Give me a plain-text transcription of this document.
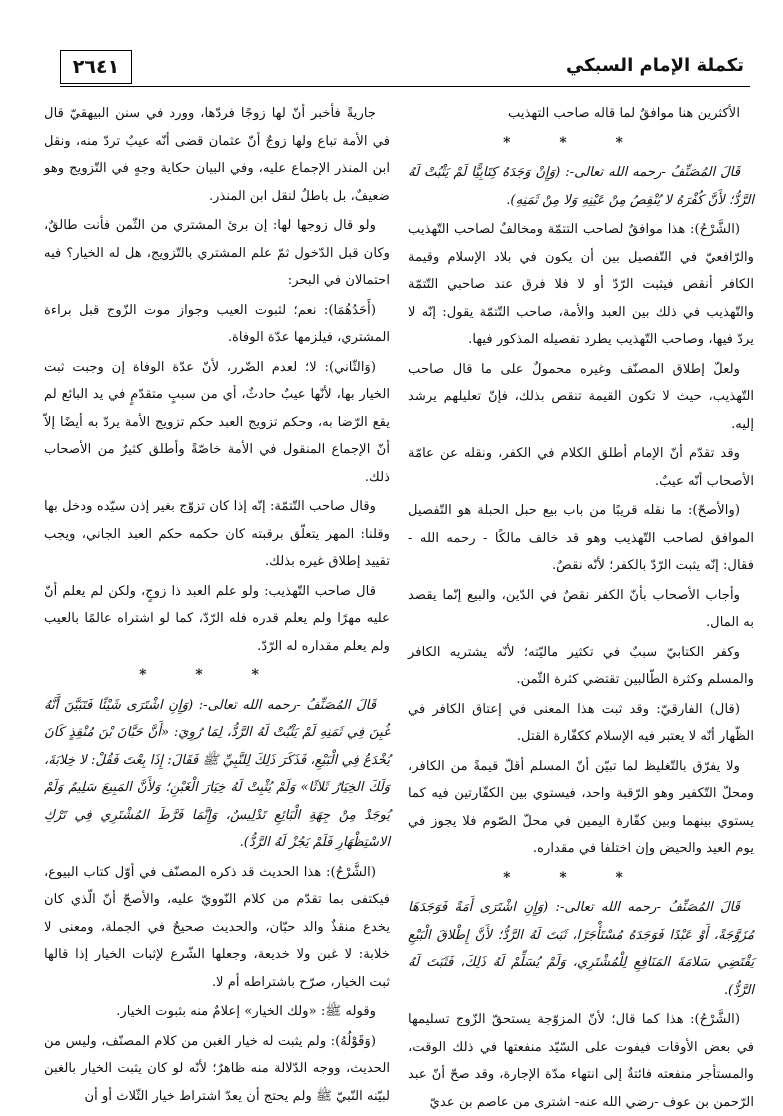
٢٦٤١	تكملة الإمام السبكي

الأكثرين هنا موافقٌ لما قاله صاحب التهذيب

* * *

قَالَ المُصَنِّفُ -رحمه الله تعالى-: (وَإِنْ وَجَدَهُ كِتَابِيًّا لَمْ يَثْبُتْ لَهُ الرَّدُّ؛ لأَنَّ كُفْرَهُ لا يُنْقِصُ مِنْ عَيْنِهِ وَلا مِنْ ثَمَنِهِ).

(الشَّرْحُ): هذا موافقٌ لصاحب التتمّة ومخالفٌ لصاحب التّهذيب والرّافعيّ في التّفصيل بين أن يكون في بلاد الإسلام وقيمة الكافر أنقص فيثبت الرّدّ أو لا فلا فرق عند صاحبي التّتمّة والتّهذيب في ذلك بين العبد والأمة، صاحب التّتمّة يقول: إنّه لا يردّ فيها، وصاحب التّهذيب يطرد تفصيله المذكور فيها.

ولعلّ إطلاق المصنّف وغيره محمولٌ على ما قال صاحب التّهذيب، حيث لا تكون القيمة تنقص بذلك، فإنّ تعليلهم يرشد إليه.

وقد تقدّم أنّ الإمام أطلق الكلام في الكفر، ونقله عن عامّة الأصحاب أنّه عيبٌ.

(والأصحّ): ما نقله قريبًا من باب بيع حبل الحبلة هو التّفصيل الموافق لصاحب التّهذيب وهو قد خالف مالكًا - رحمه الله - فقال: إنّه يثبت الرّدّ بالكفر؛ لأنّه نقصٌ.

وأجاب الأصحاب بأنّ الكفر نقصٌ في الدّين، والبيع إنّما يقصد به المال.

وكفر الكتابيّ سببٌ في تكثير ماليّته؛ لأنّه يشتريه الكافر والمسلم وكثرة الطّالبين تقتضي كثرة الثّمن.

(قال) الفارقيّ: وقد ثبت هذا المعنى في إعتاق الكافر في الظّهار أنّه لا يعتبر فيه الإسلام ككفّارة القتل.

ولا يفرّق بالتّغليظ لما تبيّن أنّ المسلم أقلّ قيمةً من الكافر، ومحلّ التّكفير وهو الرّقبة واحد، فيستوي بين الكفّارتين فيه كما يستوي بينهما وبين كفّارة اليمين في محلّ الصّوم فلا يجوز في يوم العيد والحيض وإن اختلفا في مقداره.

* * *

قَالَ المُصَنِّفُ -رحمه الله تعالى-: (وَإِنِ اشْتَرَى أَمَةً فَوَجَدَهَا مُزَوَّجَةً، أَوْ عَبْدًا فَوَجَدَهُ مُسْتَأْجَرًا، ثَبَتَ لَهُ الرَّدُّ؛ لأَنَّ إِطْلاقَ الْبَيْعِ يَقْتَضِي سَلامَةَ المَنَافِعِ لِلْمُشْتَرِي، وَلَمْ يُسَلِّمْ لَهُ ذَلِكَ، فَثَبَتَ لَهُ الرَّدُّ).

(الشَّرْحُ): هذا كما قال؛ لأنّ المزوّجة يستحقّ الزّوج تسليمها في بعض الأوقات فيفوت على السّيّد منفعتها في ذلك الوقت، والمستأجر منفعته فائتةٌ إلى انتهاء مدّة الإجارة، وقد صحّ أنّ عبد الرّحمن بن عوف -رضي الله عنه- اشترى من عاصم بن عديّ

جاريةً فأخبر أنّ لها زوجًا فردّها، وورد في سنن البيهقيّ قال في الأمة تباع ولها زوجٌ أنّ عثمان قضى أنّه عيبٌ تردّ منه، ونقل ابن المنذر الإجماع عليه، وفي البيان حكاية وجهٍ في التّزويج وهو ضعيفٌ، بل باطلٌ لنقل ابن المنذر.

ولو قال زوجها لها: إن برئ المشتري من الثّمن فأنت طالقٌ، وكان قبل الدّخول ثمّ علم المشتري بالتّزويج، هل له الخيار؟ فيه احتمالان في البحر:

(أَحَدُهُمَا): نعم؛ لثبوت العيب وجواز موت الزّوج قبل براءة المشتري، فيلزمها عدّة الوفاة.

(وَالثّاني): لا؛ لعدم الضّرر، لأنّ عدّة الوفاة إن وجبت ثبت الخيار بها، لأنّها عيبٌ حادثٌ، أي من سببٍ متقدّمٍ في يد البائع لم يقع الرّضا به، وحكم تزويج العبد حكم تزويج الأمة يردّ به أيضًا إلاّ أنّ الإجماع المنقول في الأمة خاصّةً وأطلق كثيرٌ من الأصحاب ذلك.

وقال صاحب التّتمّة: إنّه إذا كان تزوّج بغير إذن سيّده ودخل بها وقلنا: المهر يتعلّق برقبته كان حكمه حكم العبد الجاني، ويجب تقييد إطلاق غيره بذلك.

قال صاحب التّهذيب: ولو علم العبد ذا زوجٍ، ولكن لم يعلم أنّ عليه مهرًا ولم يعلم قدره فله الرّدّ، كما لو اشتراه عالمًا بالعيب ولم يعلم مقداره له الرّدّ.

* * *

قَالَ المُصَنِّفُ -رحمه الله تعالى-: (وَإِنِ اشْتَرَى شَيْئًا فَتَبَيَّنَ أَنَّهُ غُبِنَ فِي ثَمَنِهِ لَمْ يَثْبُتْ لَهُ الرَّدُّ، لِمَا رُوِيَ: «أَنَّ حَبَّانَ بْنَ مُنْقِذٍ كَانَ يُخْدَعُ فِي الْبَيْعِ، فَذَكَرَ ذَلِكَ لِلنَّبِيِّ ﷺ فَقَالَ: إِذَا بِعْتَ فَقُلْ: لا خِلابَةَ، وَلَكَ الخِيَارُ ثَلاثًا» وَلَمْ يُثْبِتْ لَهُ خِيَارَ الْغَبْنِ؛ وَلأَنَّ المَبِيعَ سَلِيمٌ وَلَمْ يُوجَدْ مِنْ جِهَةِ الْبَائِعِ تَدْلِيسٌ، وَإِنَّمَا فَرَّطَ المُشْتَرِي فِي تَرْكِ الاسْتِظْهَارِ فَلَمْ يَجُزْ لَهُ الرَّدُّ).

(الشَّرْحُ): هذا الحديث قد ذكره المصنّف في أوّل كتاب البيوع، فيكتفى بما تقدّم من كلام النّوويّ عليه، والأصحّ أنّ الّذي كان يخدع منقذٌ والد حبّان، والحديث صحيحٌ في الجملة، ومعنى لا خلابة: لا غبن ولا خديعة، وجعلها الشّرع لإثبات الخيار إذا قالها ثبت الخيار، صرّح باشتراطه أم لا.

وقوله ﷺ: «ولك الخيار» إعلامٌ منه بثبوت الخيار.

(وَقَوْلُهُ): ولم يثبت له خيار الغبن من كلام المصنّف، وليس من الحديث، ووجه الدّلالة منه ظاهرٌ؛ لأنّه لو كان يثبت الخيار بالغبن لبيّنه النّبيّ ﷺ ولم يحتج أن يعدّ اشتراط خيار الثّلاث أو أن
